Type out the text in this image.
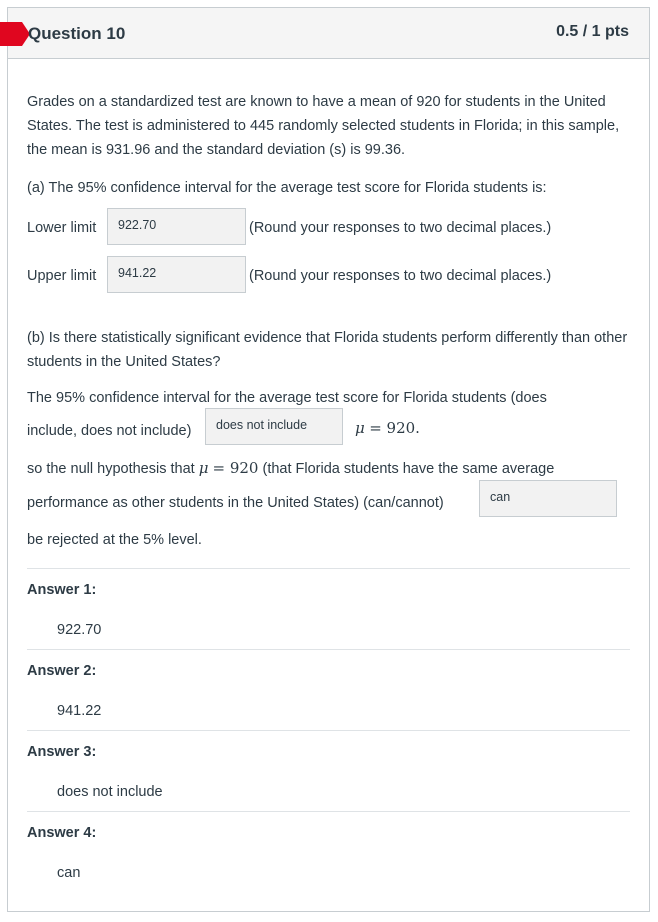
Question 10	0.5 / 1 pts

Grades on a standardized test are known to have a mean of 920 for students in the United States. The test is administered to 445 randomly selected students in Florida; in this sample, the mean is 931.96 and the standard deviation (s) is 99.36.

(a) The 95% confidence interval for the average test score for Florida students is:

Lower limit	922.70	(Round your responses to two decimal places.)
Upper limit	941.22	(Round your responses to two decimal places.)

(b) Is there statistically significant evidence that Florida students perform differently than other students in the United States?

The 95% confidence interval for the average test score for Florida students (does

include, does not include)	does not include	μ = 920.
so the null hypothesis that μ = 920 (that Florida students have the same average
performance as other students in the United States) (can/cannot)	can
be rejected at the 5% level.
Answer 1:
922.70
Answer 2:
941.22
Answer 3:
does not include
Answer 4:
can
